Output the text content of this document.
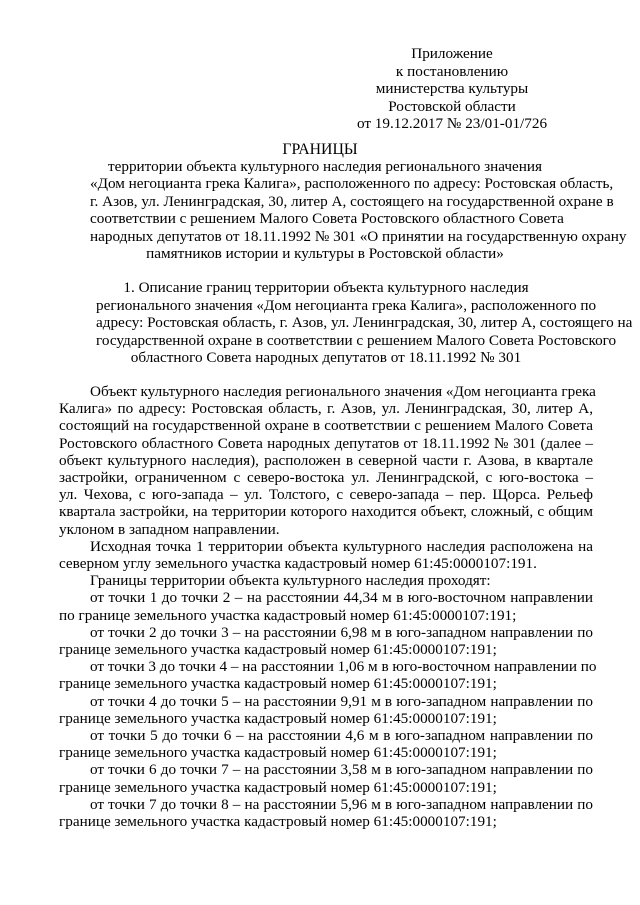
Приложение
к постановлению
министерства культуры
Ростовской области
от 19.12.2017 № 23/01-01/726
ГРАНИЦЫ
территории объекта культурного наследия регионального значения
«Дом негоцианта грека Калига», расположенного по адресу: Ростовская область,
г. Азов, ул. Ленинградская, 30, литер А, состоящего на государственной охране в
соответствии с решением Малого Совета Ростовского областного Совета
народных депутатов от 18.11.1992 № 301 «О принятии на государственную охрану
памятников истории и культуры в Ростовской области»
1. Описание границ территории объекта культурного наследия
регионального значения «Дом негоцианта грека Калига», расположенного по
адресу: Ростовская область, г. Азов, ул. Ленинградская, 30, литер А, состоящего на
государственной охране в соответствии с решением Малого Совета Ростовского
областного Совета народных депутатов от 18.11.1992 № 301
Объект культурного наследия регионального значения «Дом негоцианта грека
Калига» по адресу: Ростовская область, г. Азов, ул. Ленинградская, 30, литер А,
состоящий на государственной охране в соответствии с решением Малого Совета
Ростовского областного Совета народных депутатов от 18.11.1992 № 301 (далее –
объект культурного наследия), расположен в северной части г. Азова, в квартале
застройки, ограниченном с северо-востока ул. Ленинградской, с юго-востока –
ул. Чехова, с юго-запада – ул. Толстого, с северо-запада – пер. Щорса. Рельеф
квартала застройки, на территории которого находится объект, сложный, с общим
уклоном в западном направлении.
Исходная точка 1 территории объекта культурного наследия расположена на
северном углу земельного участка кадастровый номер 61:45:0000107:191.
Границы территории объекта культурного наследия проходят:
от точки 1 до точки 2 – на расстоянии 44,34 м в юго-восточном направлении
по границе земельного участка кадастровый номер 61:45:0000107:191;
от точки 2 до точки 3 – на расстоянии 6,98 м в юго-западном направлении по
границе земельного участка кадастровый номер 61:45:0000107:191;
от точки 3 до точки 4 – на расстоянии 1,06 м в юго-восточном направлении по
границе земельного участка кадастровый номер 61:45:0000107:191;
от точки 4 до точки 5 – на расстоянии 9,91 м в юго-западном направлении по
границе земельного участка кадастровый номер 61:45:0000107:191;
от точки 5 до точки 6 – на расстоянии 4,6 м в юго-западном направлении по
границе земельного участка кадастровый номер 61:45:0000107:191;
от точки 6 до точки 7 – на расстоянии 3,58 м в юго-западном направлении по
границе земельного участка кадастровый номер 61:45:0000107:191;
от точки 7 до точки 8 – на расстоянии 5,96 м в юго-западном направлении по
границе земельного участка кадастровый номер 61:45:0000107:191;
